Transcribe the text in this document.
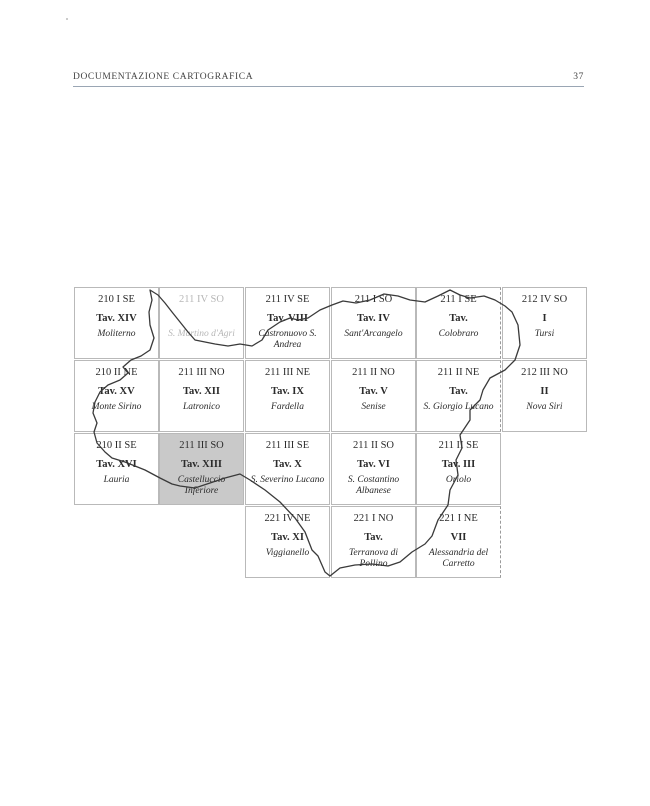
DOCUMENTAZIONE CARTOGRAFICA	37
210 I SE
Tav. XIV
Moliterno
211 IV SO
S. Martino d'Agri
211 IV SE
Tav. VIII
Castronuovo S. Andrea
211 I SO
Tav. IV
Sant'Arcangelo
211 I SE
Tav.
Colobraro
212 IV SO
I
Tursi
210 II NE
Tav. XV
Monte Sirino
211 III NO
Tav. XII
Latronico
211 III NE
Tav. IX
Fardella
211 II NO
Tav. V
Senise
211 II NE
Tav.
S. Giorgio Lucano
212 III NO
II
Nova Siri
210 II SE
Tav. XVI
Lauria
211 III SO
Tav. XIII
Castelluccio Inferiore
211 III SE
Tav. X
S. Severino Lucano
211 II SO
Tav. VI
S. Costantino Albanese
211 II SE
Tav. III
Oriolo
221 IV NE
Tav. XI
Viggianello
221 I NO
Tav.
Terranova di Pollino
221 I NE
VII
Alessandria del Carretto
